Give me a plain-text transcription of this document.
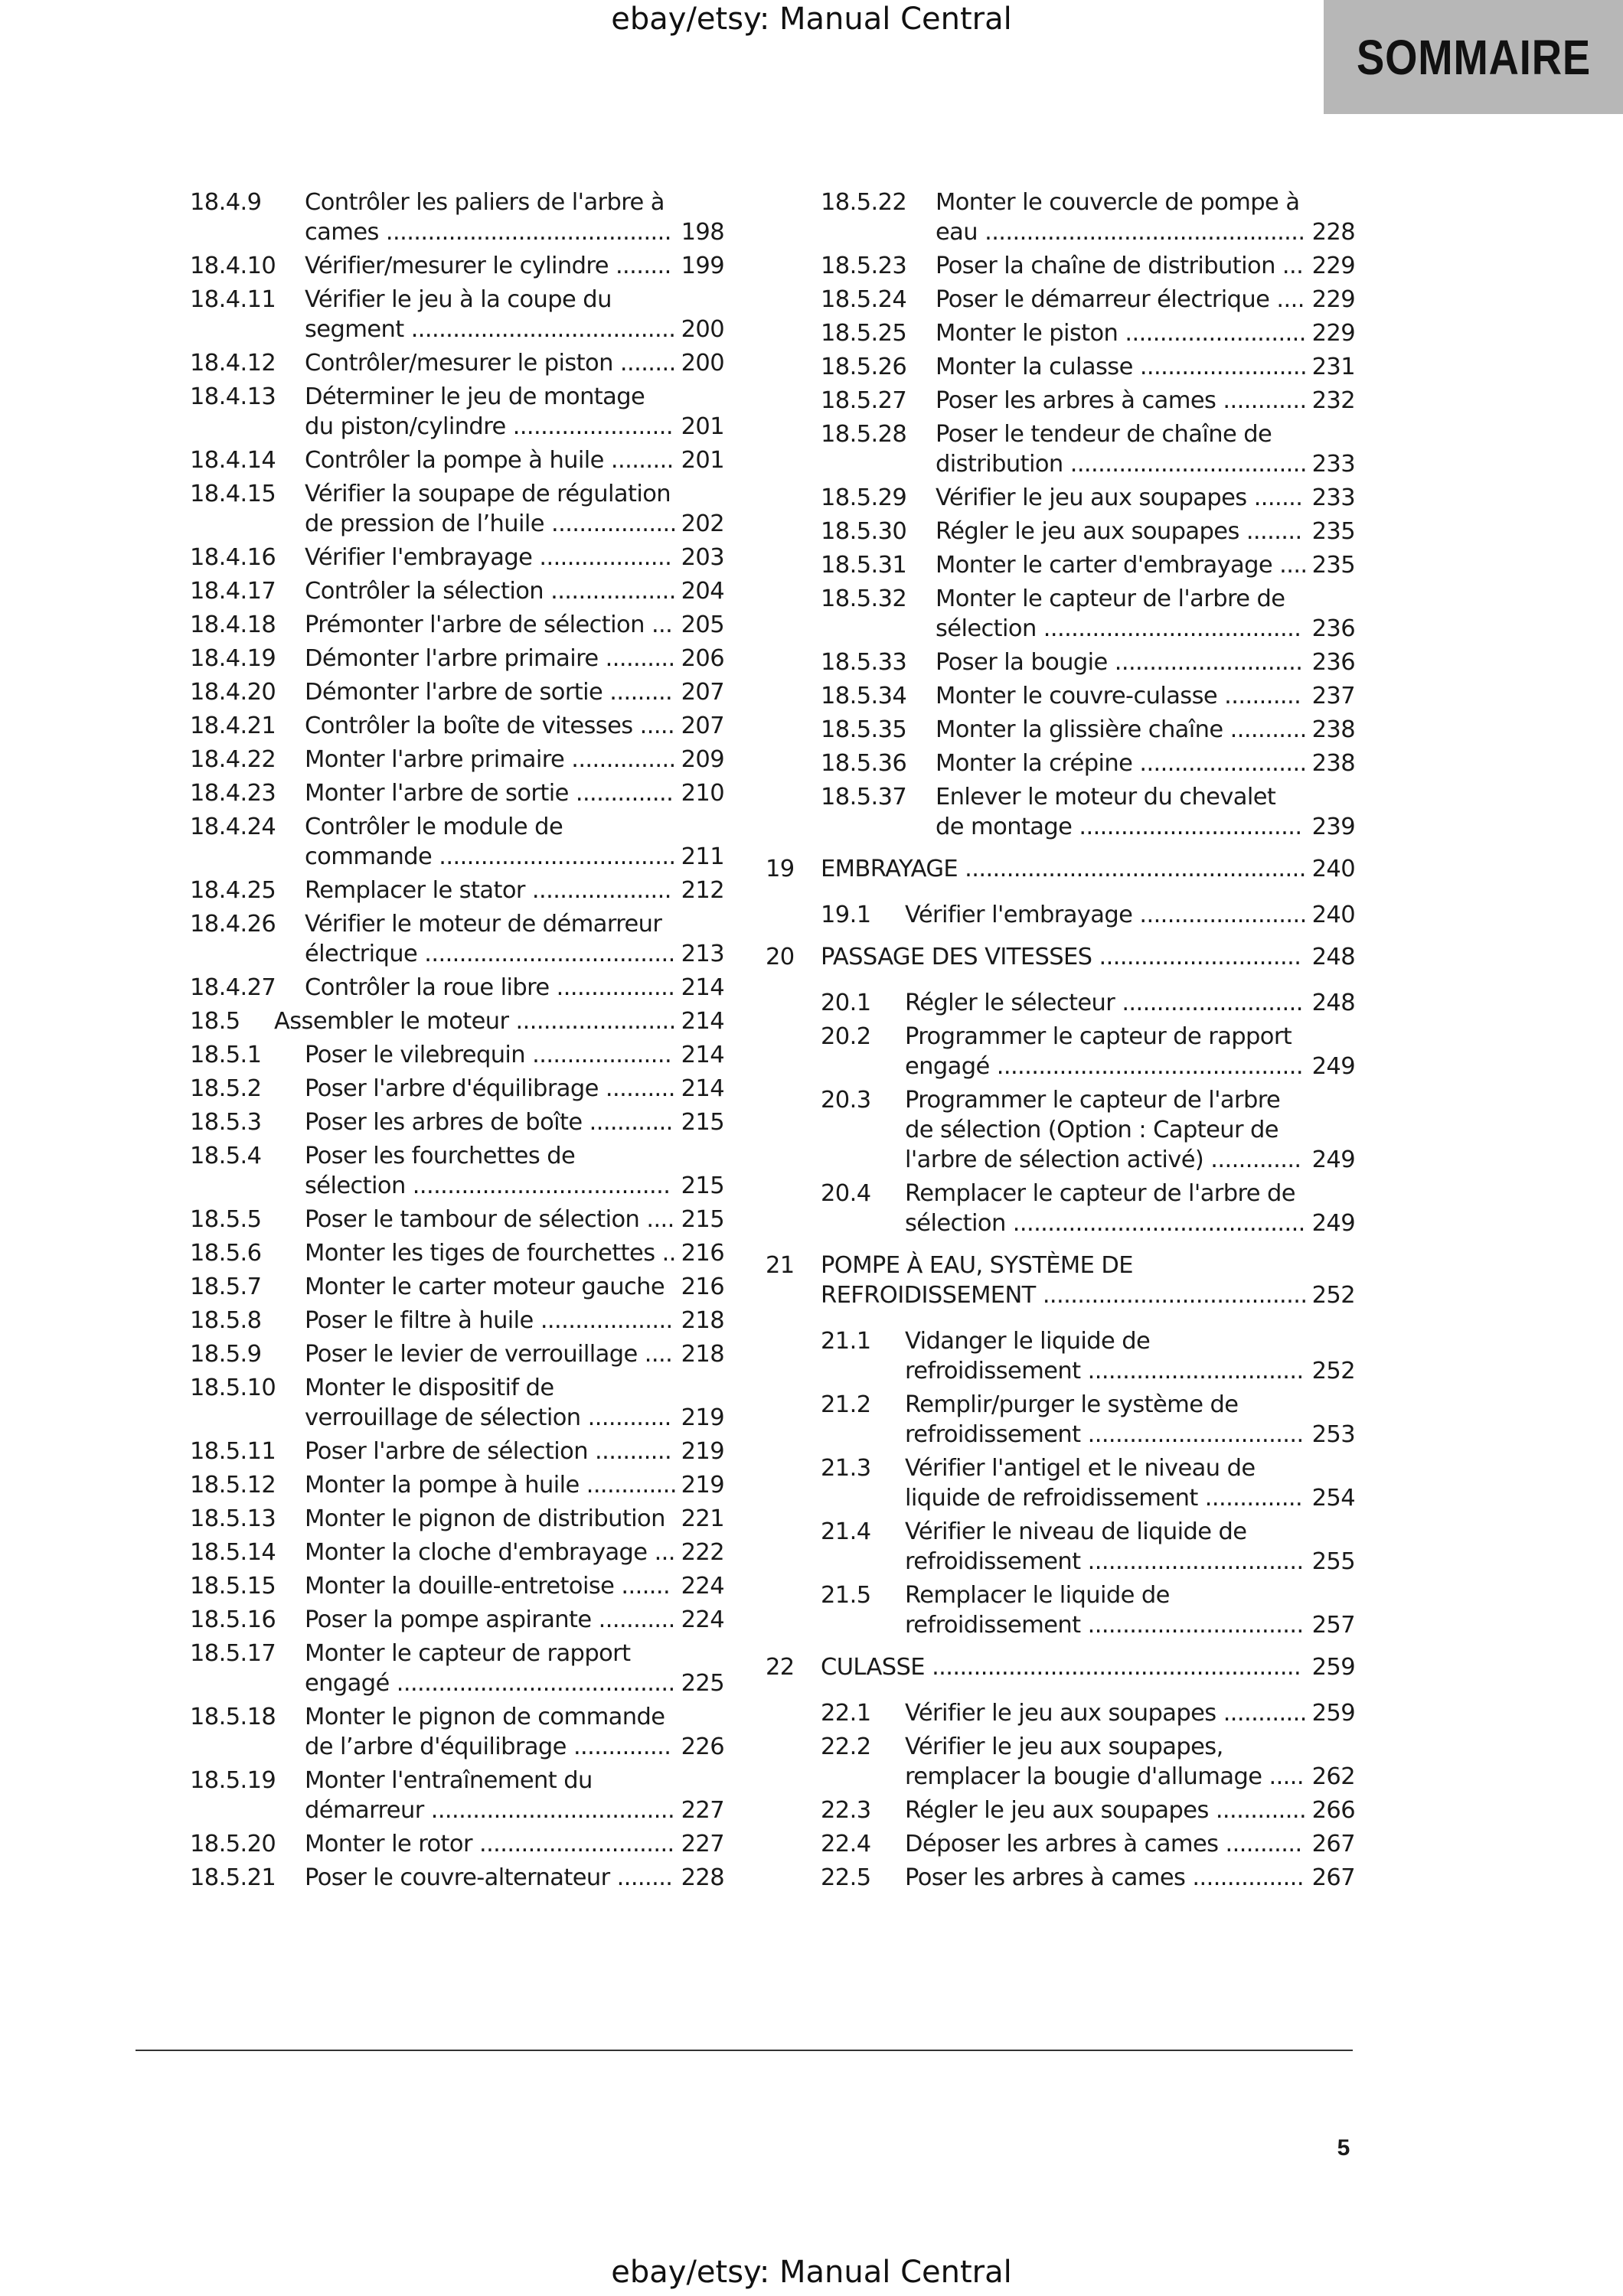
ebay/etsy: Manual Central
SOMMAIRE
18.4.9 Contrôler les paliers de l'arbre à cames ......................................... 198
18.4.10 Vérifier/mesurer le cylindre ........ 199
18.4.11 Vérifier le jeu à la coupe du segment ...................................... 200
18.4.12 Contrôler/mesurer le piston ........ 200
18.4.13 Déterminer le jeu de montage du piston/cylindre ....................... 201
18.4.14 Contrôler la pompe à huile ......... 201
18.4.15 Vérifier la soupape de régulation de pression de l’huile .................. 202
18.4.16 Vérifier l'embrayage ................... 203
18.4.17 Contrôler la sélection .................. 204
18.4.18 Prémonter l'arbre de sélection ... 205
18.4.19 Démonter l'arbre primaire .......... 206
18.4.20 Démonter l'arbre de sortie ......... 207
18.4.21 Contrôler la boîte de vitesses ..... 207
18.4.22 Monter l'arbre primaire ............... 209
18.4.23 Monter l'arbre de sortie .............. 210
18.4.24 Contrôler le module de commande .................................. 211
18.4.25 Remplacer le stator .................... 212
18.4.26 Vérifier le moteur de démarreur électrique .................................... 213
18.4.27 Contrôler la roue libre ................. 214
18.5 Assembler le moteur ....................... 214
18.5.1 Poser le vilebrequin .................... 214
18.5.2 Poser l'arbre d'équilibrage .......... 214
18.5.3 Poser les arbres de boîte ............ 215
18.5.4 Poser les fourchettes de sélection ..................................... 215
18.5.5 Poser le tambour de sélection .... 215
18.5.6 Monter les tiges de fourchettes .. 216
18.5.7 Monter le carter moteur gauche 216
18.5.8 Poser le filtre à huile ................... 218
18.5.9 Poser le levier de verrouillage .... 218
18.5.10 Monter le dispositif de verrouillage de sélection ............ 219
18.5.11 Poser l'arbre de sélection ........... 219
18.5.12 Monter la pompe à huile ............. 219
18.5.13 Monter le pignon de distribution 221
18.5.14 Monter la cloche d'embrayage ... 222
18.5.15 Monter la douille-entretoise ....... 224
18.5.16 Poser la pompe aspirante ........... 224
18.5.17 Monter le capteur de rapport engagé ........................................ 225
18.5.18 Monter le pignon de commande de l’arbre d'équilibrage .............. 226
18.5.19 Monter l'entraînement du démarreur ................................... 227
18.5.20 Monter le rotor ............................ 227
18.5.21 Poser le couvre-alternateur ........ 228
18.5.22 Monter le couvercle de pompe à eau .............................................. 228
18.5.23 Poser la chaîne de distribution ... 229
18.5.24 Poser le démarreur électrique .... 229
18.5.25 Monter le piston .......................... 229
18.5.26 Monter la culasse ........................ 231
18.5.27 Poser les arbres à cames ............ 232
18.5.28 Poser le tendeur de chaîne de distribution .................................. 233
18.5.29 Vérifier le jeu aux soupapes ....... 233
18.5.30 Régler le jeu aux soupapes ........ 235
18.5.31 Monter le carter d'embrayage .... 235
18.5.32 Monter le capteur de l'arbre de sélection ..................................... 236
18.5.33 Poser la bougie ........................... 236
18.5.34 Monter le couvre-culasse ........... 237
18.5.35 Monter la glissière chaîne ........... 238
18.5.36 Monter la crépine ........................ 238
18.5.37 Enlever le moteur du chevalet de montage ................................ 239
19 EMBRAYAGE ................................................. 240
19.1 Vérifier l'embrayage ........................ 240
20 PASSAGE DES VITESSES ............................. 248
20.1 Régler le sélecteur .......................... 248
20.2 Programmer le capteur de rapport engagé ............................................ 249
20.3 Programmer le capteur de l'arbre de sélection (Option : Capteur de l'arbre de sélection activé) ............. 249
20.4 Remplacer le capteur de l'arbre de sélection .......................................... 249
21 POMPE À EAU, SYSTÈME DE REFROIDISSEMENT ...................................... 252
21.1 Vidanger le liquide de refroidissement ............................... 252
21.2 Remplir/purger le système de refroidissement ............................... 253
21.3 Vérifier l'antigel et le niveau de liquide de refroidissement .............. 254
21.4 Vérifier le niveau de liquide de refroidissement ............................... 255
21.5 Remplacer le liquide de refroidissement ............................... 257
22 CULASSE ..................................................... 259
22.1 Vérifier le jeu aux soupapes ............ 259
22.2 Vérifier le jeu aux soupapes, remplacer la bougie d'allumage ..... 262
22.3 Régler le jeu aux soupapes ............. 266
22.4 Déposer les arbres à cames ........... 267
22.5 Poser les arbres à cames ................ 267
5
ebay/etsy: Manual Central
